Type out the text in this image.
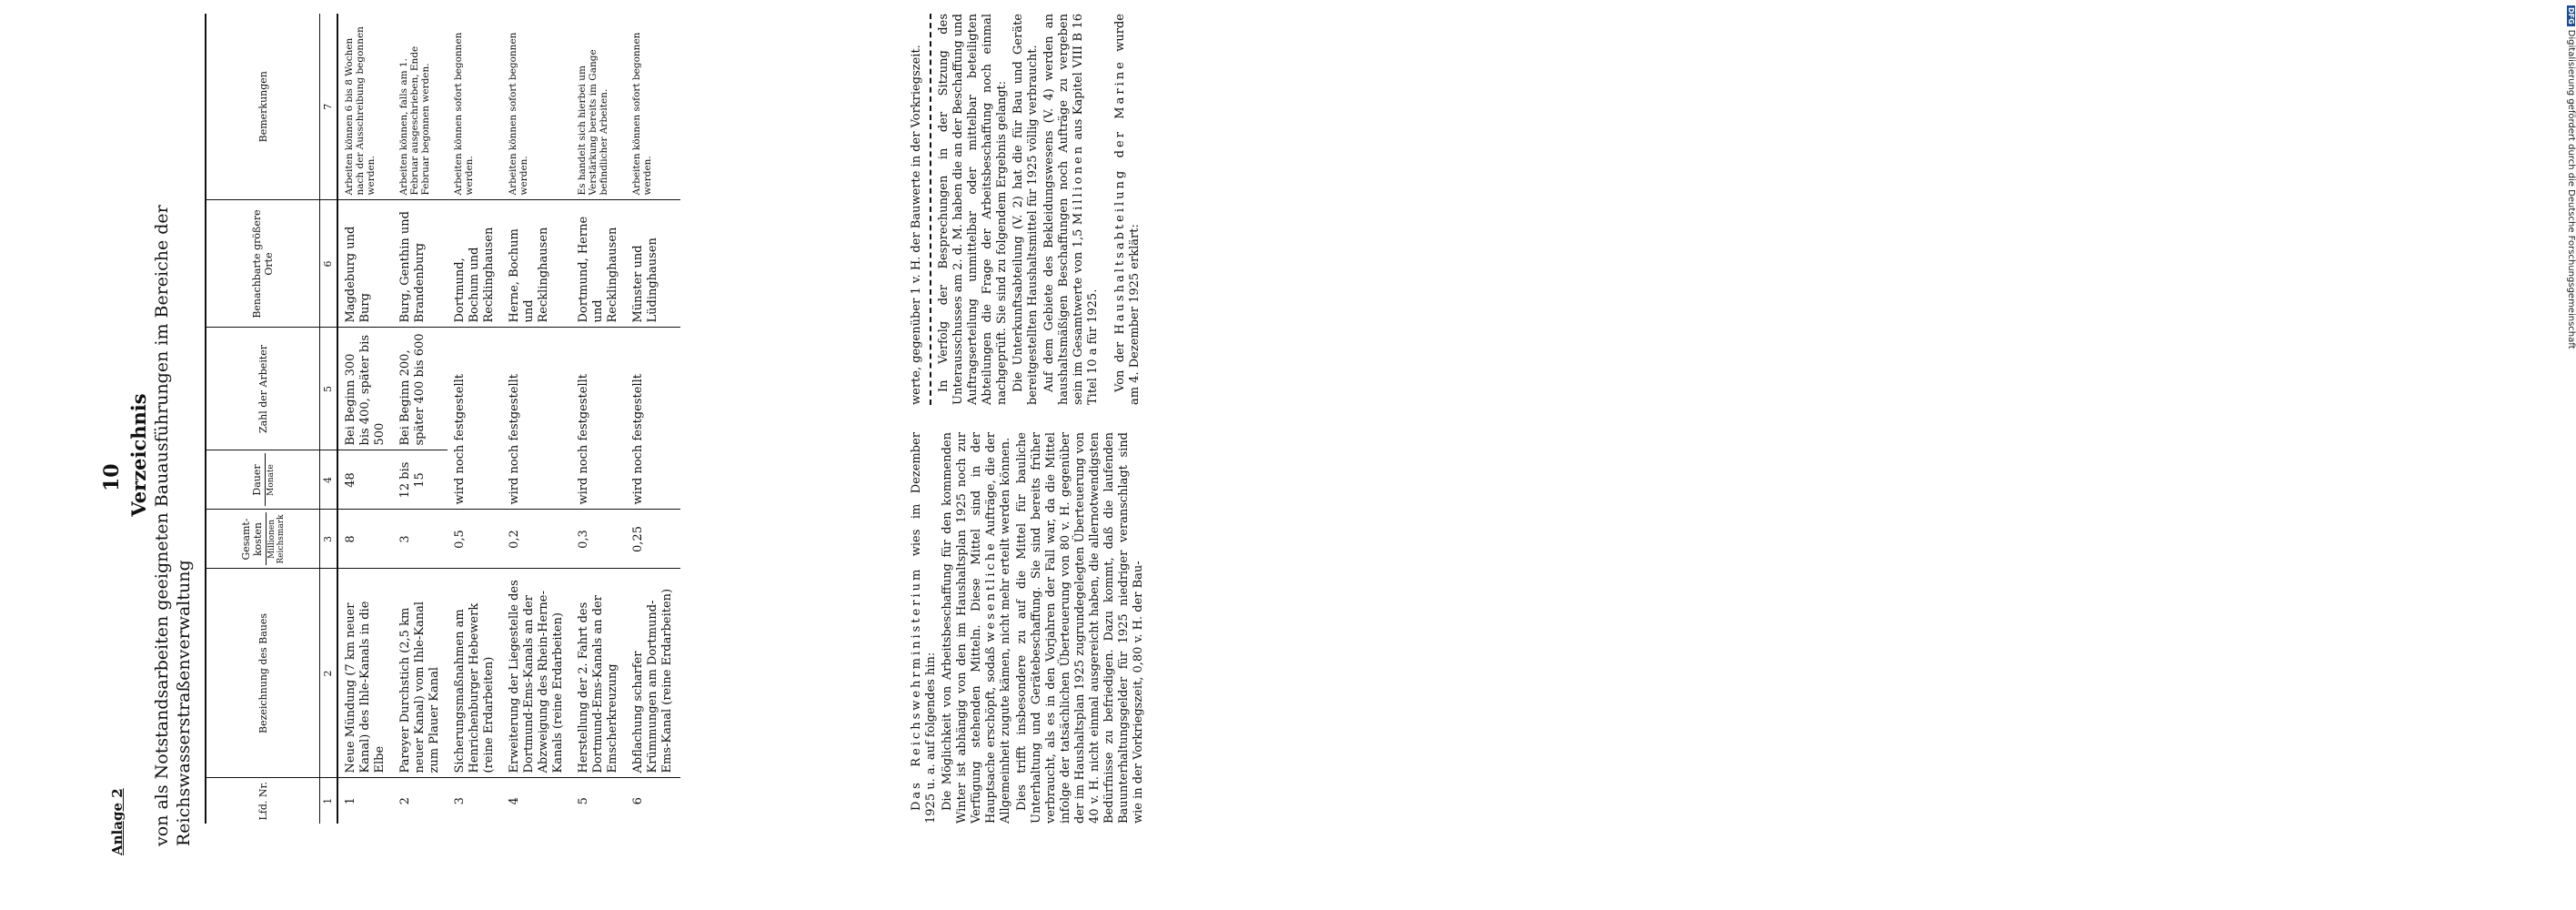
DFGDigitalisierung gefördert durch die Deutsche Forschungsgemeinschaft
10
Anlage 2
Verzeichnis von als Notstandsarbeiten geeigneten Bauausführungen im Bereiche der Reichswasserstraßenverwaltung	Lfd. Nr.	Bezeichnung des Baues	Gesamt-kosten Millionen Reichsmark	Dauer Monate	Zahl der Arbeiter	Benachbarte größere Orte	Bemerkungen
1	2	3	4	5	6	7
1	Neue Mündung (7 km neuer Kanal) des Ihle-Kanals in die Elbe	8	48	Bei Beginn 300 bis 400, später bis 500	Magdeburg und Burg	Arbeiten können 6 bis 8 Wochen nach der Ausschreibung begonnen werden.
2	Pareyer Durchstich (2,5 km neuer Kanal) vom Ihle-Kanal zum Plauer Kanal	3	12 bis 15	Bei Beginn 200, später 400 bis 600	Burg, Genthin und Brandenburg	Arbeiten können, falls am 1. Februar ausgeschrieben, Ende Februar begonnen werden.
3	Sicherungsmaßnahmen am Henrichenburger Hebewerk (reine Erdarbeiten)	0,5	wird noch festgestellt		Dortmund, Bochum und Recklinghausen	Arbeiten können sofort begonnen werden.
4	Erweiterung der Liegestelle des Dortmund-Ems-Kanals an der Abzweigung des Rhein-Herne-Kanals (reine Erdarbeiten)	0,2	wird noch festgestellt		Herne, Bochum und Recklinghausen	Arbeiten können sofort begonnen werden.
5	Herstellung der 2. Fahrt des Dortmund-Ems-Kanals an der Emscherkreuzung	0,3	wird noch festgestellt		Dortmund, Herne und Recklinghausen	Es handelt sich hierbei um Verstärkung bereits im Gange befindlicher Arbeiten.
6	Abflachung scharfer Krümmungen am Dortmund-Ems-Kanal (reine Erdarbeiten)	0,25	wird noch festgestellt		Münster und Lüdinghausen	Arbeiten können sofort begonnen werden.

Das Reichswehrministerium wies im Dezember 1925 u. a. auf folgendes hin: Die Möglichkeit von Arbeitsbeschaffung für den kommenden Winter ist abhängig von den im Haushaltsplan 1925 noch zur Verfügung stehenden Mitteln. Diese Mittel sind in der Hauptsache erschöpft, sodaß wesentliche Aufträge, die der Allgemeinheit zugute kämen, nicht mehr erteilt werden können. Dies trifft insbesondere zu auf die Mittel für bauliche Unterhaltung und Gerätebeschaffung. Sie sind bereits früher verbraucht, als es in den Vorjahren der Fall war, da die Mittel infolge der tatsächlichen Überteuerung von 80 v. H. gegenüber der im Haushaltsplan 1925 zugrundegelegten Überteuerung von 40 v. H. nicht einmal ausgereicht haben, die allernotwendigsten Bedürfnisse zu befriedigen. Dazu kommt, daß die laufenden Bauunterhaltungsgelder für 1925 niedriger veranschlagt sind wie in der Vorkriegszeit, 0,80 v. H. der Bau-

werte, gegenüber 1 v. H. der Bauwerte in der Vorkriegszeit. In Verfolg der Besprechungen in der Sitzung des Unterausschusses am 2. d. M. haben die an der Beschaffung und Auftragserteilung unmittelbar oder mittelbar beteiligten Abteilungen die Frage der Arbeitsbeschaffung noch einmal nachgeprüft. Sie sind zu folgendem Ergebnis gelangt: Die Unterkunftsabteilung (V. 2) hat die für Bau und Geräte bereitgestellten Haushaltsmittel für 1925 völlig verbraucht. Auf dem Gebiete des Bekleidungswesens (V. 4) werden an haushaltsmäßigen Beschaffungen noch Aufträge zu vergeben sein im Gesamtwerte von 1,5 Millionen aus Kapitel VIII B 16 Titel 10 a für 1925. Von der Haushaltsabteilung der Marine wurde am 4. Dezember 1925 erklärt:
